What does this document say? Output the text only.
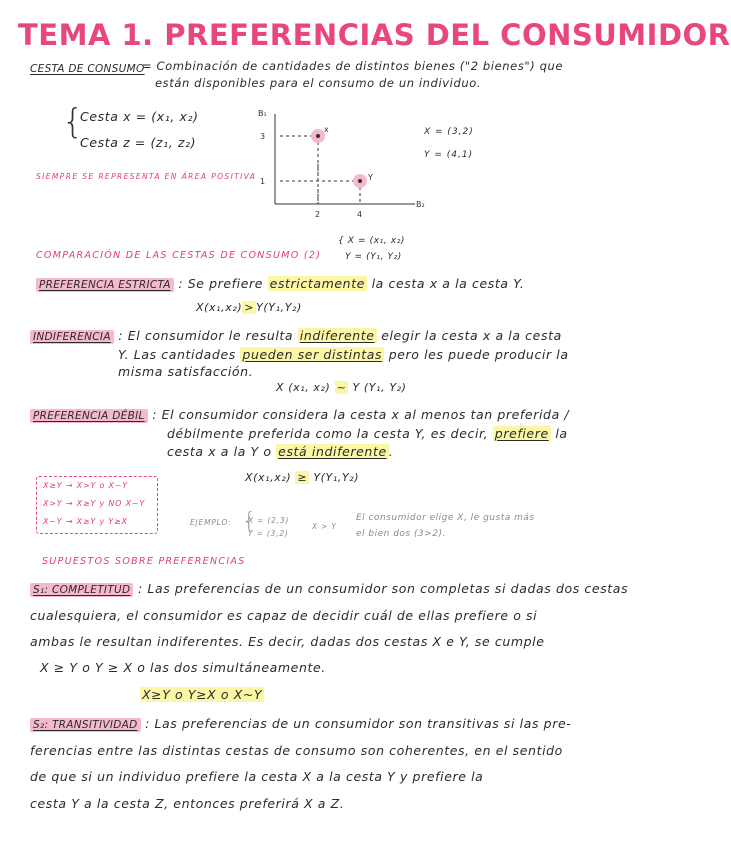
TEMA 1. PREFERENCIAS DEL CONSUMIDOR
CESTA DE CONSUMO
= Combinación de cantidades de distintos bienes ("2 bienes") que
están disponibles para el consumo de un individuo.
{
Cesta x = (x₁, x₂)
Cesta z = (z₁, z₂)
SIEMPRE SE REPRESENTA EN ÁREA POSITIVA
B₁
B₂
3
1
2	4
x
Y
X = (3,2)
Y = (4,1)
COMPARACIÓN DE LAS CESTAS DE CONSUMO (2)
{ X = (x₁, x₂)
Y = (Y₁, Y₂)
PREFERENCIA ESTRICTA : Se prefiere estrictamente la cesta x a la cesta Y.
X(x₁,x₂) > Y(Y₁,Y₂)
INDIFERENCIA : El consumidor le resulta indiferente elegir la cesta x a la cesta
Y. Las cantidades pueden ser distintas pero les puede producir la
misma satisfacción.
X (x₁, x₂) ~ Y (Y₁, Y₂)
PREFERENCIA DÉBIL : El consumidor considera la cesta x al menos tan preferida /
débilmente preferida como la cesta Y, es decir, prefiere la
cesta x a la Y o está indiferente .
X(x₁,x₂) ≥ Y(Y₁,Y₂)
X≥Y → X>Y o X~Y
X>Y → X≥Y y NO X~Y
X~Y → X≥Y y Y≥X	EJEMPLO: {
X = (2,3)
Y = (3,2)
X > Y
El consumidor elige X, le gusta más
el bien dos (3>2).
SUPUESTOS SOBRE PREFERENCIAS
S₁: COMPLETITUD : Las preferencias de un consumidor son completas si dadas dos cestas
cualesquiera, el consumidor es capaz de decidir cuál de ellas prefiere o si
ambas le resultan indiferentes. Es decir, dadas dos cestas X e Y, se cumple
X ≥ Y o Y ≥ X o las dos simultáneamente.
X≥Y o Y≥X o X~Y
S₂: TRANSITIVIDAD : Las preferencias de un consumidor son transitivas si las pre-
ferencias entre las distintas cestas de consumo son coherentes, en el sentido
de que si un individuo prefiere la cesta X a la cesta Y y prefiere la
cesta Y a la cesta Z, entonces preferirá X a Z.
